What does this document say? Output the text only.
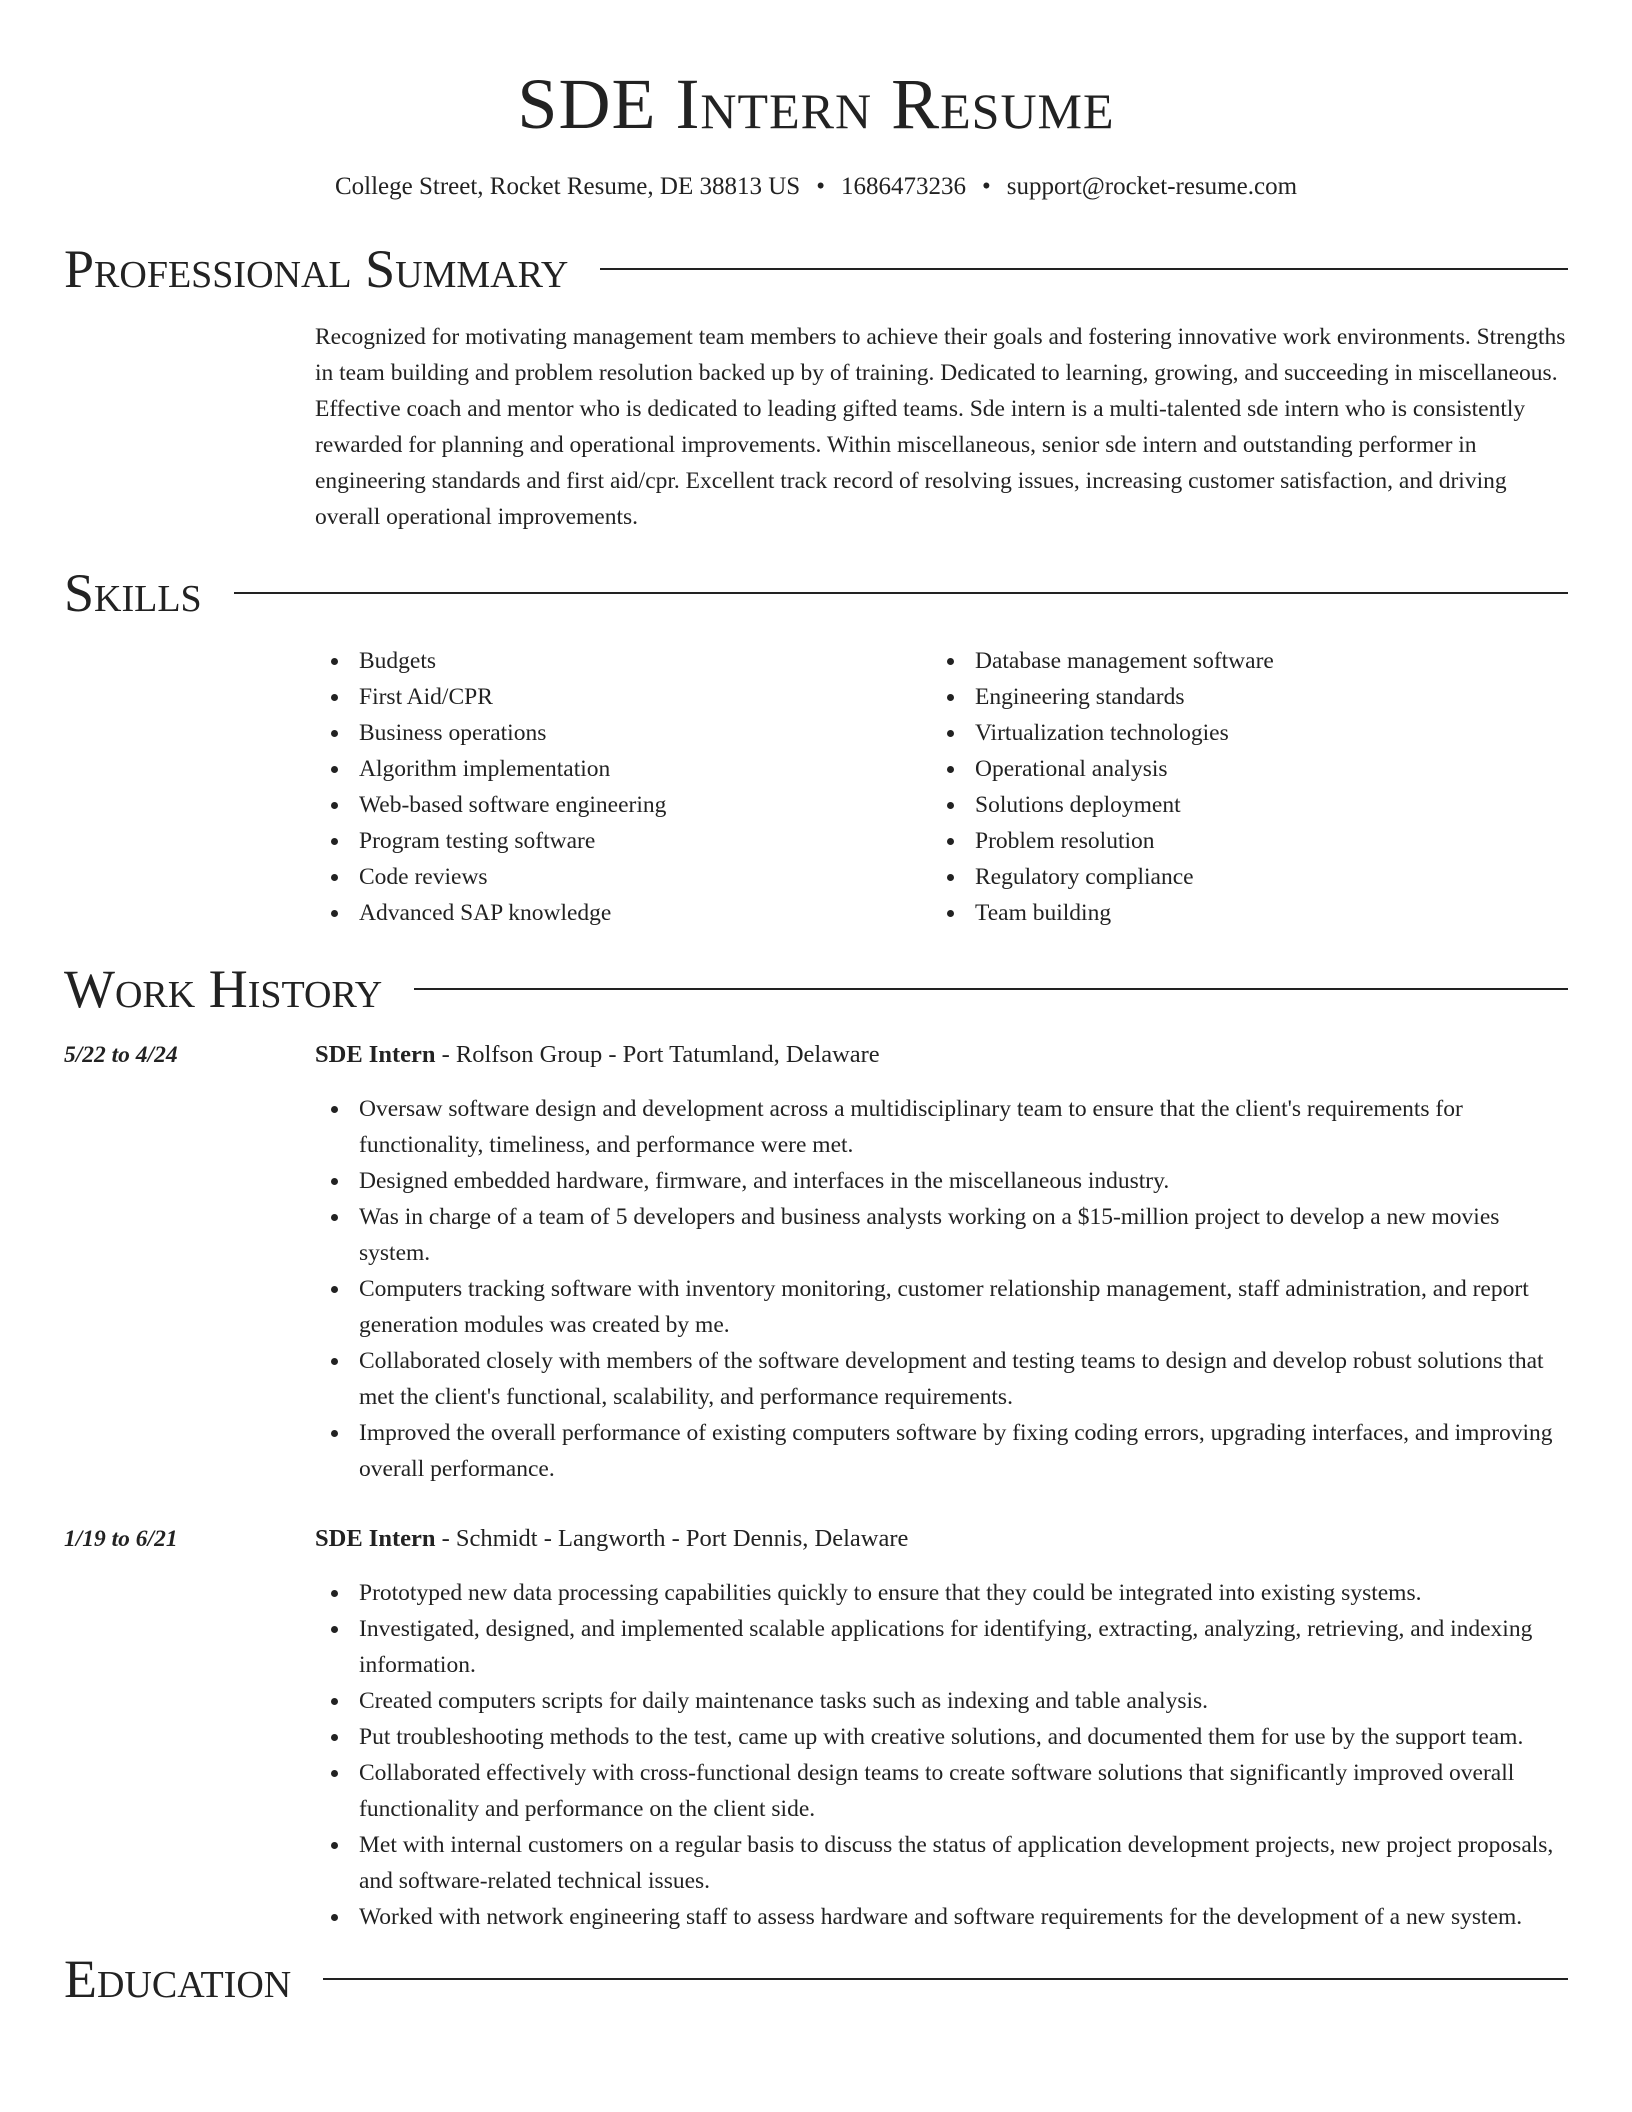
SDE Intern Resume
College Street, Rocket Resume, DE 38813 US • 1686473236 • support@rocket-resume.com
Professional Summary

Recognized for motivating management team members to achieve their goals and fostering innovative work environments. Strengths in team building and problem resolution backed up by of training. Dedicated to learning, growing, and succeeding in miscellaneous. Effective coach and mentor who is dedicated to leading gifted teams. Sde intern is a multi-talented sde intern who is consistently rewarded for planning and operational improvements. Within miscellaneous, senior sde intern and outstanding performer in engineering standards and first aid/cpr. Excellent track record of resolving issues, increasing customer satisfaction, and driving overall operational improvements.

Skills
Budgets
First Aid/CPR
Business operations
Algorithm implementation
Web-based software engineering
Program testing software
Code reviews
Advanced SAP knowledge
Database management software
Engineering standards
Virtualization technologies
Operational analysis
Solutions deployment
Problem resolution
Regulatory compliance
Team building
Work History
5/22 to 4/24	SDE Intern - Rolfson Group - Port Tatumland, Delaware
Oversaw software design and development across a multidisciplinary team to ensure that the client's requirements for functionality, timeliness, and performance were met.
Designed embedded hardware, firmware, and interfaces in the miscellaneous industry.
Was in charge of a team of 5 developers and business analysts working on a $15-million project to develop a new movies system.
Computers tracking software with inventory monitoring, customer relationship management, staff administration, and report generation modules was created by me.
Collaborated closely with members of the software development and testing teams to design and develop robust solutions that met the client's functional, scalability, and performance requirements.
Improved the overall performance of existing computers software by fixing coding errors, upgrading interfaces, and improving overall performance.
1/19 to 6/21	SDE Intern - Schmidt - Langworth - Port Dennis, Delaware
Prototyped new data processing capabilities quickly to ensure that they could be integrated into existing systems.
Investigated, designed, and implemented scalable applications for identifying, extracting, analyzing, retrieving, and indexing information.
Created computers scripts for daily maintenance tasks such as indexing and table analysis.
Put troubleshooting methods to the test, came up with creative solutions, and documented them for use by the support team.
Collaborated effectively with cross-functional design teams to create software solutions that significantly improved overall functionality and performance on the client side.
Met with internal customers on a regular basis to discuss the status of application development projects, new project proposals, and software-related technical issues.
Worked with network engineering staff to assess hardware and software requirements for the development of a new system.
Education
